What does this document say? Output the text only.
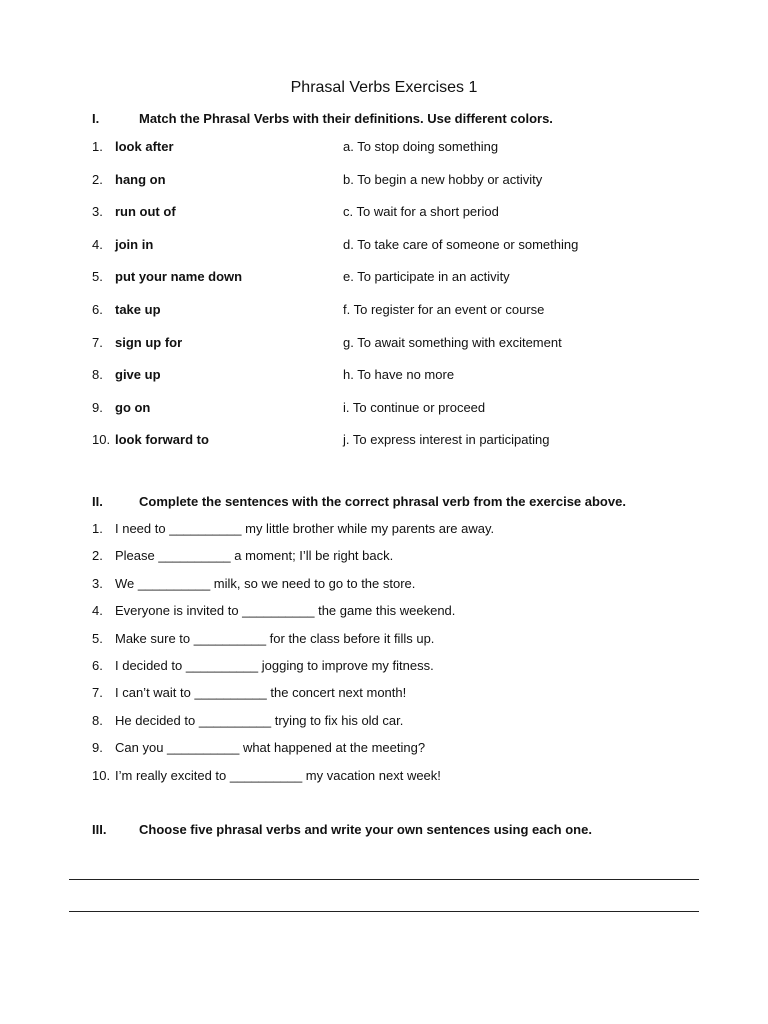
Phrasal Verbs Exercises 1
I.	Match the Phrasal Verbs with their definitions. Use different colors.
1. look after	a. To stop doing something
2. hang on	b. To begin a new hobby or activity
3. run out of	c. To wait for a short period
4. join in	d. To take care of someone or something
5. put your name down	e. To participate in an activity
6. take up	f. To register for an event or course
7. sign up for	g. To await something with excitement
8. give up	h. To have no more
9. go on	i. To continue or proceed
10. look forward to	j. To express interest in participating
II.	Complete the sentences with the correct phrasal verb from the exercise above.
1. I need to __________ my little brother while my parents are away.
2. Please __________ a moment; I’ll be right back.
3. We __________ milk, so we need to go to the store.
4. Everyone is invited to __________ the game this weekend.
5. Make sure to __________ for the class before it fills up.
6. I decided to __________ jogging to improve my fitness.
7. I can’t wait to __________ the concert next month!
8. He decided to __________ trying to fix his old car.
9. Can you __________ what happened at the meeting?
10. I’m really excited to __________ my vacation next week!
III.	Choose five phrasal verbs and write your own sentences using each one.
